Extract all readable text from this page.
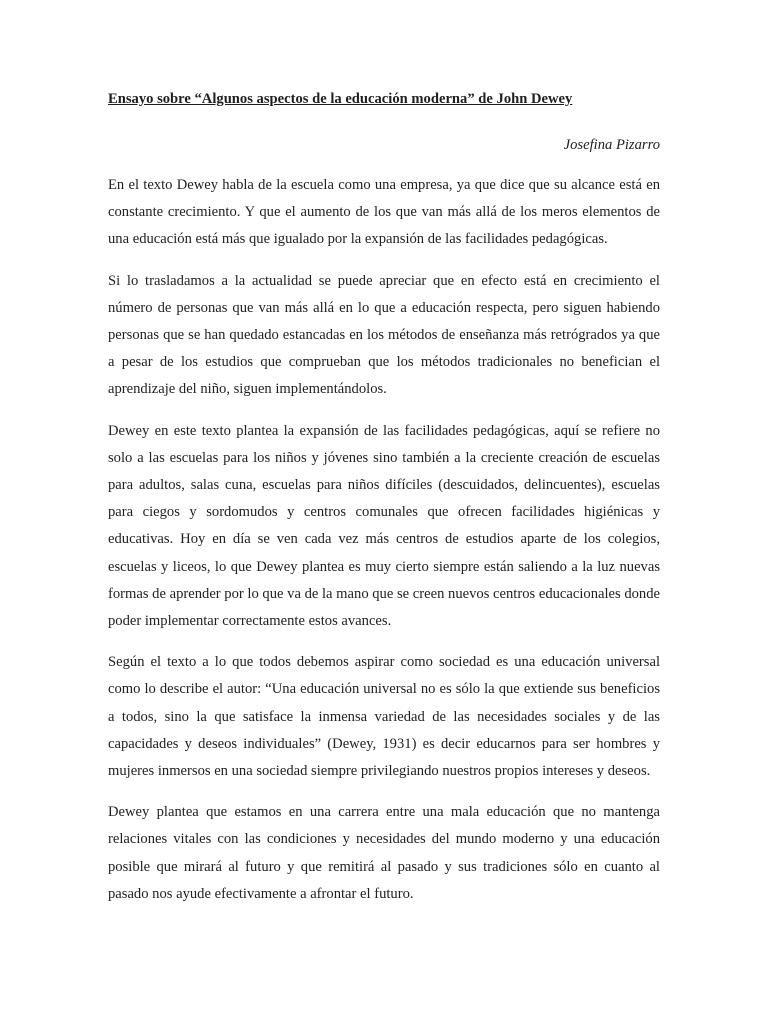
Ensayo sobre “Algunos aspectos de la educación moderna” de John Dewey

Josefina Pizarro

En el texto Dewey habla de la escuela como una empresa, ya que dice que su alcance está en constante crecimiento. Y que el aumento de los que van más allá de los meros elementos de una educación está más que igualado por la expansión de las facilidades pedagógicas.

Si lo trasladamos a la actualidad se puede apreciar que en efecto está en crecimiento el número de personas que van más allá en lo que a educación respecta, pero siguen habiendo personas que se han quedado estancadas en los métodos de enseñanza más retrógrados ya que a pesar de los estudios que comprueban que los métodos tradicionales no benefician el aprendizaje del niño, siguen implementándolos.

Dewey en este texto plantea la expansión de las facilidades pedagógicas, aquí se refiere no solo a las escuelas para los niños y jóvenes sino también a la creciente creación de escuelas para adultos, salas cuna, escuelas para niños difíciles (descuidados, delincuentes), escuelas para ciegos y sordomudos y centros comunales que ofrecen facilidades higiénicas y educativas. Hoy en día se ven cada vez más centros de estudios aparte de los colegios, escuelas y liceos, lo que Dewey plantea es muy cierto siempre están saliendo a la luz nuevas formas de aprender por lo que va de la mano que se creen nuevos centros educacionales donde poder implementar correctamente estos avances.

Según el texto a lo que todos debemos aspirar como sociedad es una educación universal como lo describe el autor: “Una educación universal no es sólo la que extiende sus beneficios a todos, sino la que satisface la inmensa variedad de las necesidades sociales y de las capacidades y deseos individuales” (Dewey, 1931) es decir educarnos para ser hombres y mujeres inmersos en una sociedad siempre privilegiando nuestros propios intereses y deseos.

Dewey plantea que estamos en una carrera entre una mala educación que no mantenga relaciones vitales con las condiciones y necesidades del mundo moderno y una educación posible que mirará al futuro y que remitirá al pasado y sus tradiciones sólo en cuanto al pasado nos ayude efectivamente a afrontar el futuro.
